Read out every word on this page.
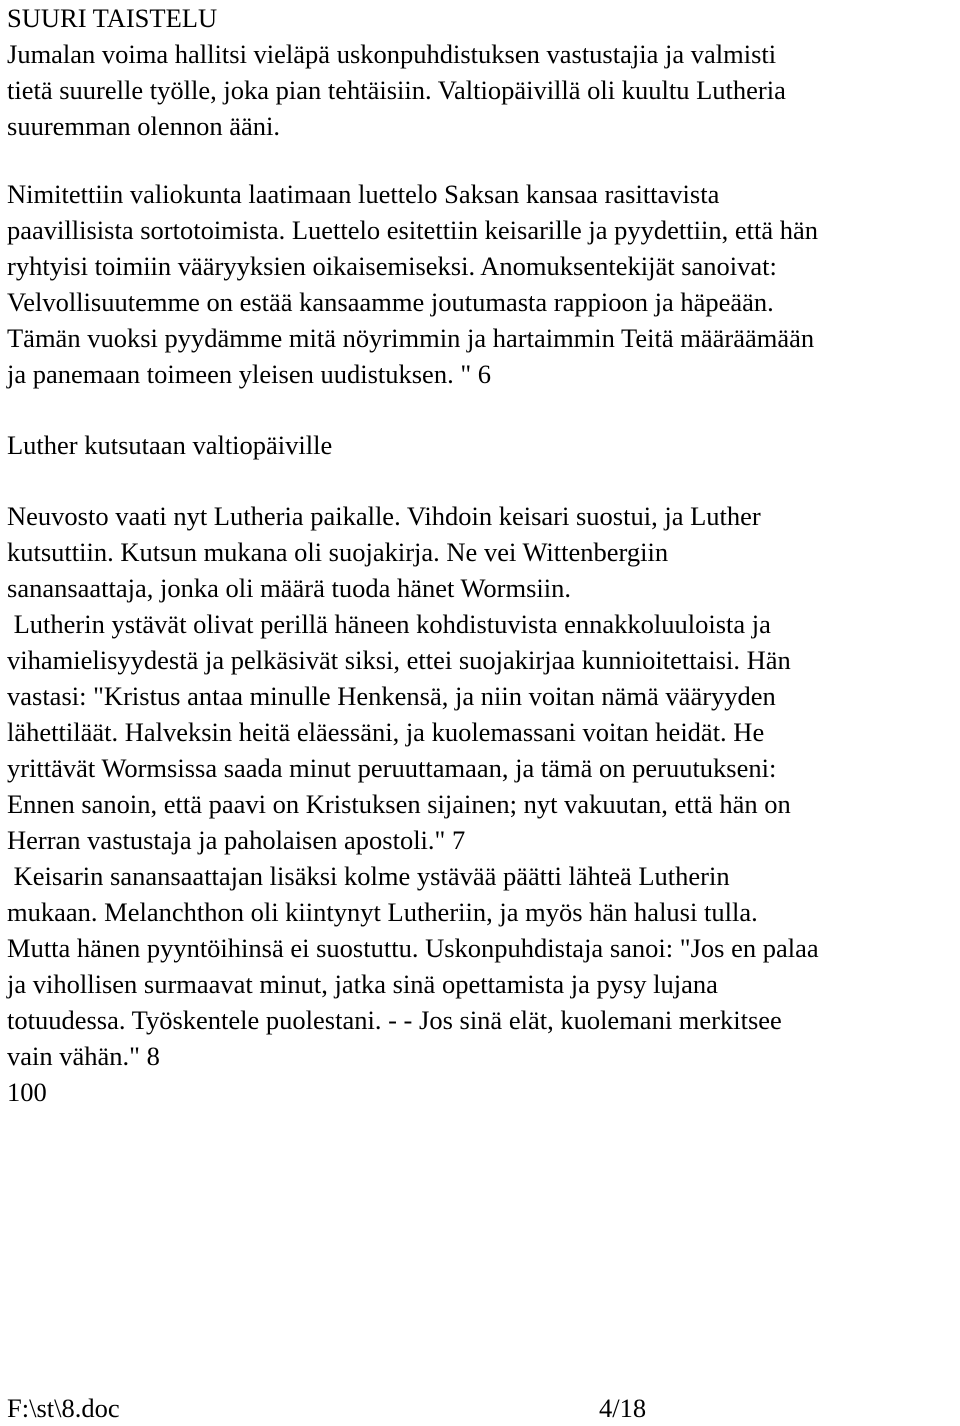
SUURI TAISTELU
Jumalan voima hallitsi vieläpä uskonpuhdistuksen vastustajia ja valmisti
tietä suurelle työlle, joka pian tehtäisiin. Valtiopäivillä oli kuultu Lutheria
suuremman olennon ääni.
Nimitettiin valiokunta laatimaan luettelo Saksan kansaa rasittavista
paavillisista sortotoimista. Luettelo esitettiin keisarille ja pyydettiin, että hän
ryhtyisi toimiin vääryyksien oikaisemiseksi. Anomuksentekijät sanoivat:
Velvollisuutemme on estää kansaamme joutumasta rappioon ja häpeään.
Tämän vuoksi pyydämme mitä nöyrimmin ja hartaimmin Teitä määräämään
ja panemaan toimeen yleisen uudistuksen. " 6
Luther kutsutaan valtiopäiville
Neuvosto vaati nyt Lutheria paikalle. Vihdoin keisari suostui, ja Luther
kutsuttiin. Kutsun mukana oli suojakirja. Ne vei Wittenbergiin
sanansaattaja, jonka oli määrä tuoda hänet Wormsiin.
Lutherin ystävät olivat perillä häneen kohdistuvista ennakkoluuloista ja
vihamielisyydestä ja pelkäsivät siksi, ettei suojakirjaa kunnioitettaisi. Hän
vastasi: "Kristus antaa minulle Henkensä, ja niin voitan nämä vääryyden
lähettiläät. Halveksin heitä eläessäni, ja kuolemassani voitan heidät. He
yrittävät Wormsissa saada minut peruuttamaan, ja tämä on peruutukseni:
Ennen sanoin, että paavi on Kristuksen sijainen; nyt vakuutan, että hän on
Herran vastustaja ja paholaisen apostoli." 7
Keisarin sanansaattajan lisäksi kolme ystävää päätti lähteä Lutherin
mukaan. Melanchthon oli kiintynyt Lutheriin, ja myös hän halusi tulla.
Mutta hänen pyyntöihinsä ei suostuttu. Uskonpuhdistaja sanoi: "Jos en palaa
ja vihollisen surmaavat minut, jatka sinä opettamista ja pysy lujana
totuudessa. Työskentele puolestani. - - Jos sinä elät, kuolemani merkitsee
vain vähän." 8
100
F:\st\8.doc	4/18
